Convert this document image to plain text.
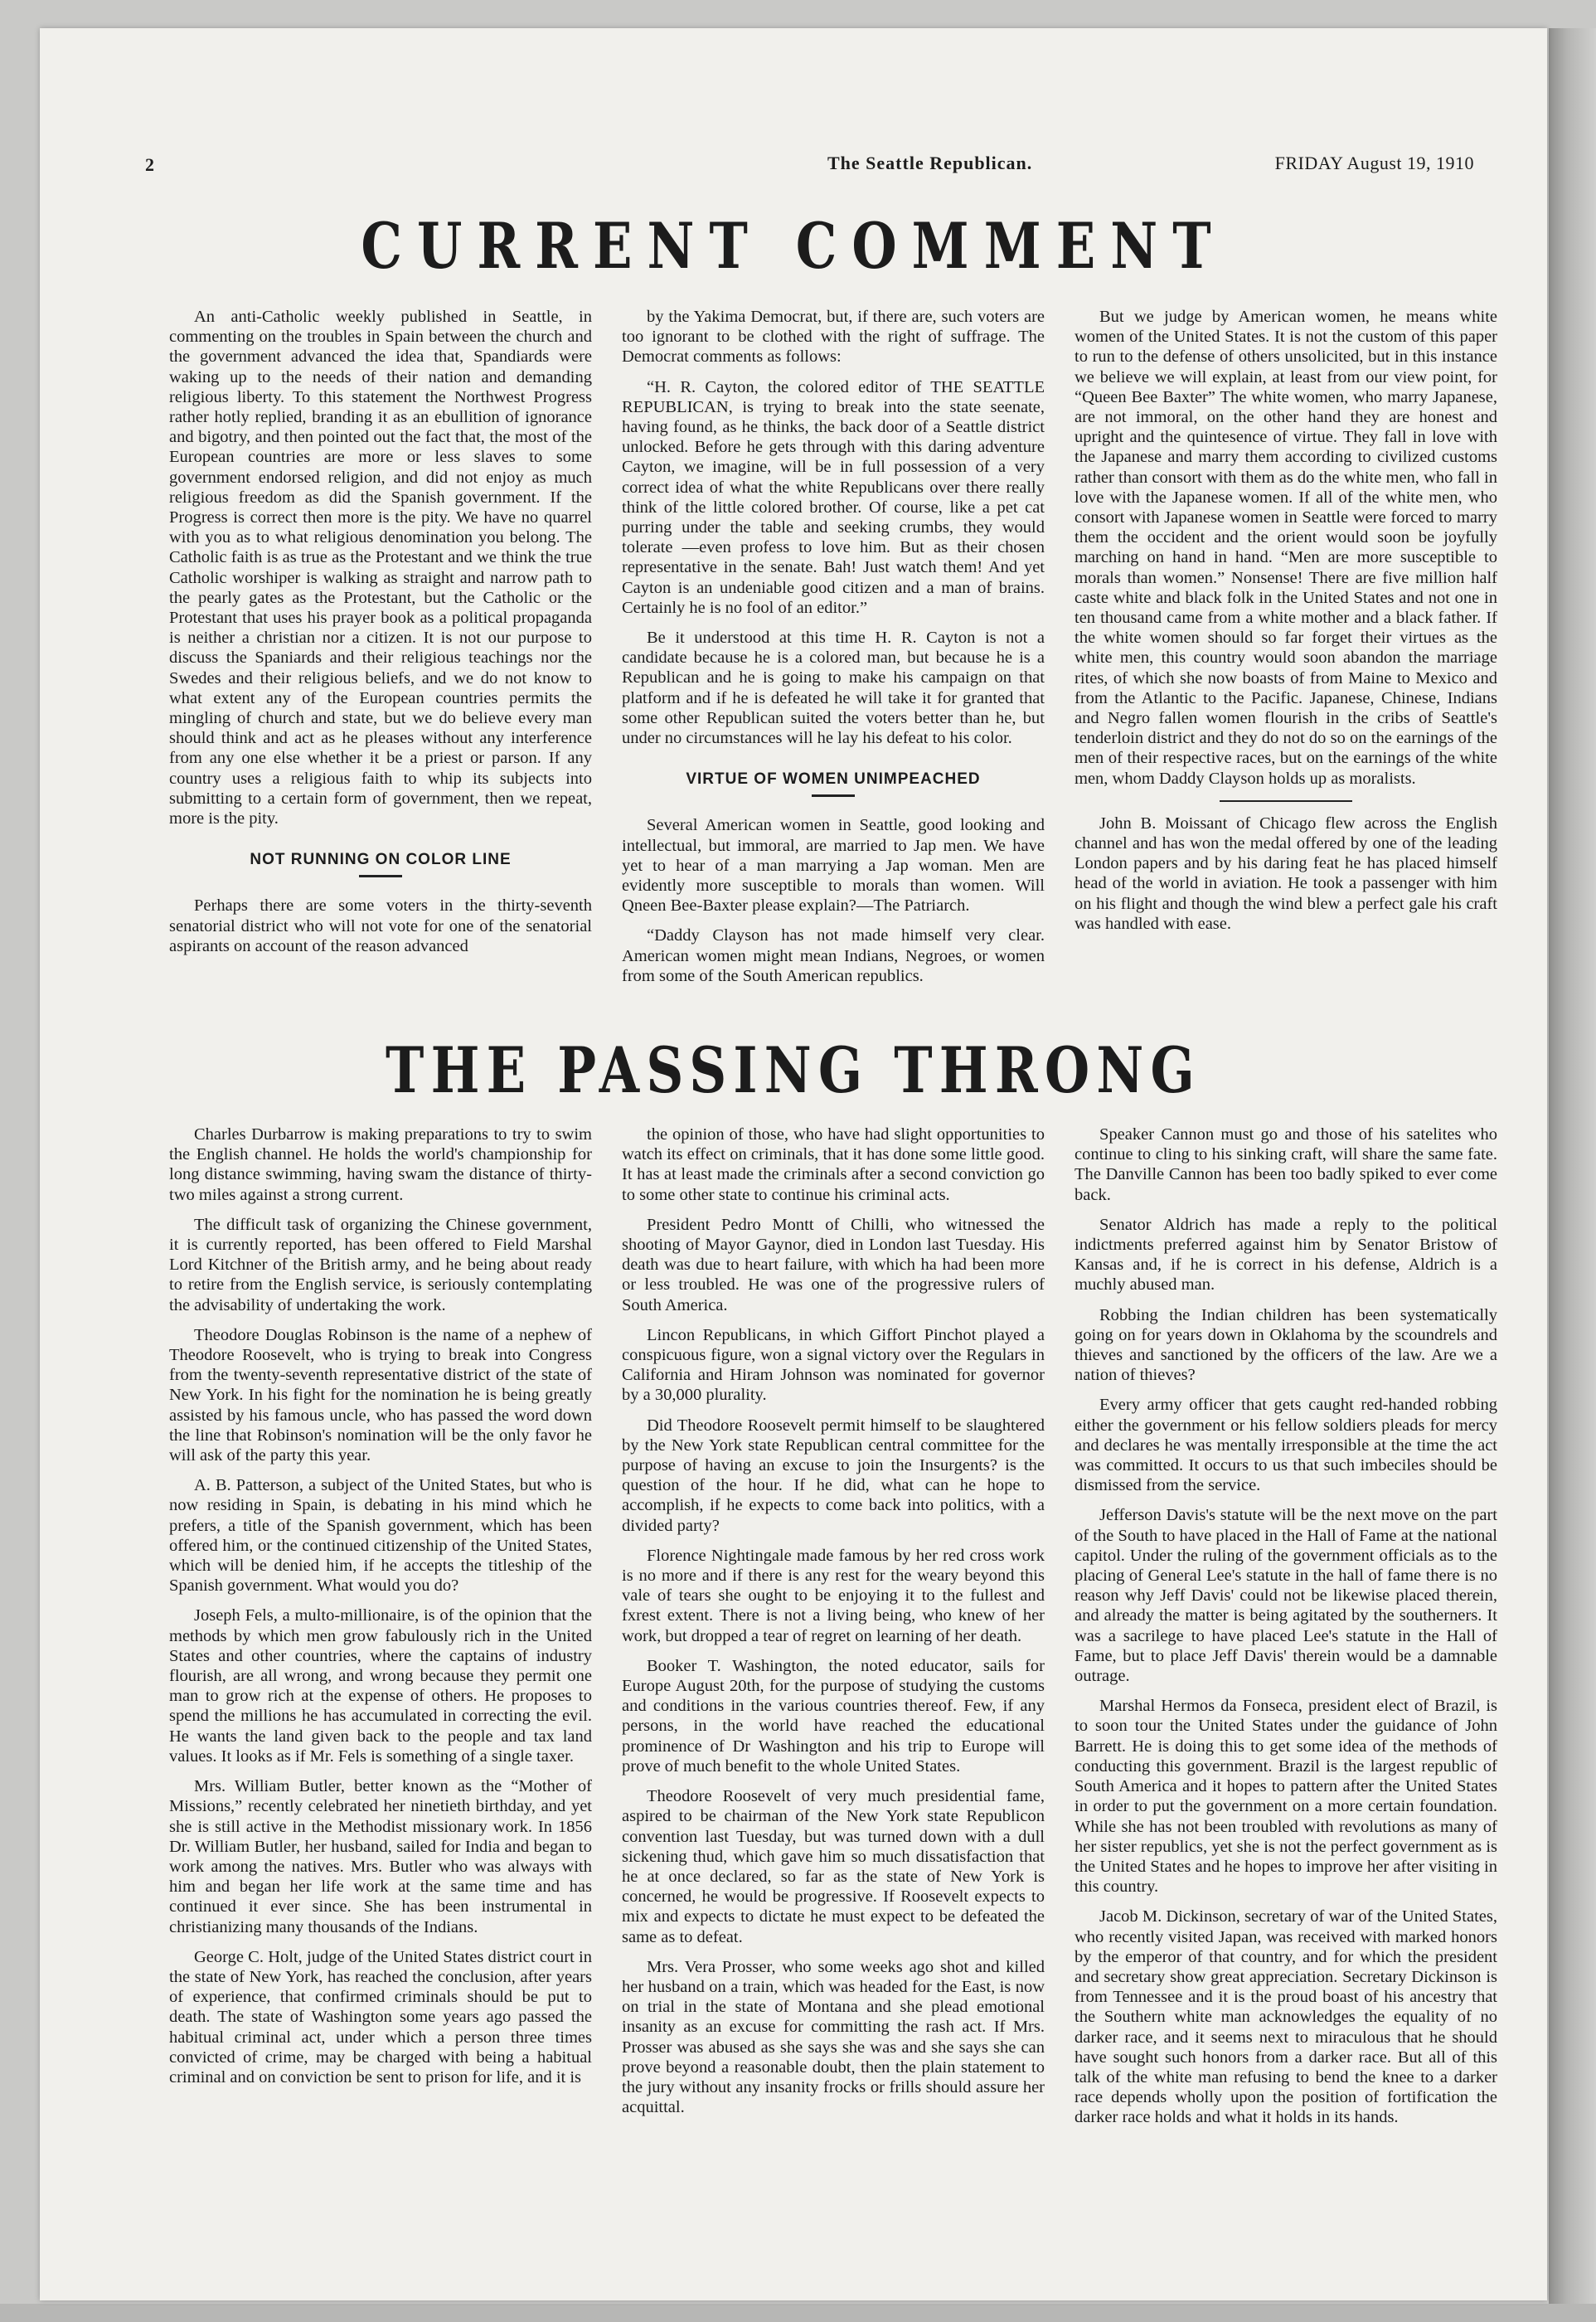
2	The Seattle Republican.	FRIDAY August 19, 1910
CURRENT COMMENT

An anti-Catholic weekly published in Seattle, in commenting on the troubles in Spain between the church and the government advanced the idea that, Spandiards were waking up to the needs of their nation and demanding religious liberty. To this statement the Northwest Progress rather hotly replied, branding it as an ebullition of ignorance and bigotry, and then pointed out the fact that, the most of the European countries are more or less slaves to some government endorsed religion, and did not enjoy as much religious freedom as did the Spanish government. If the Progress is correct then more is the pity. We have no quarrel with you as to what religious denomination you belong. The Catholic faith is as true as the Protestant and we think the true Catholic worshiper is walking as straight and narrow path to the pearly gates as the Protestant, but the Catholic or the Protestant that uses his prayer book as a political propaganda is neither a christian nor a citizen. It is not our purpose to discuss the Spaniards and their religious teachings nor the Swedes and their religious beliefs, and we do not know to what extent any of the European countries permits the mingling of church and state, but we do believe every man should think and act as he pleases without any interference from any one else whether it be a priest or parson. If any country uses a religious faith to whip its subjects into submitting to a certain form of government, then we repeat, more is the pity.

NOT RUNNING ON COLOR LINE

Perhaps there are some voters in the thirty-seventh senatorial district who will not vote for one of the senatorial aspirants on account of the reason advanced

by the Yakima Democrat, but, if there are, such voters are too ignorant to be clothed with the right of suffrage. The Democrat comments as follows:

“H. R. Cayton, the colored editor of THE SEATTLE REPUBLICAN, is trying to break into the state seenate, having found, as he thinks, the back door of a Seattle district unlocked. Before he gets through with this daring adventure Cayton, we imagine, will be in full possession of a very correct idea of what the white Republicans over there really think of the little colored brother. Of course, like a pet cat purring under the table and seeking crumbs, they would tolerate —even profess to love him. But as their chosen representative in the senate. Bah! Just watch them! And yet Cayton is an undeniable good citizen and a man of brains. Certainly he is no fool of an editor.”

Be it understood at this time H. R. Cayton is not a candidate because he is a colored man, but because he is a Republican and he is going to make his campaign on that platform and if he is defeated he will take it for granted that some other Republican suited the voters better than he, but under no circumstances will he lay his defeat to his color.

VIRTUE OF WOMEN UNIMPEACHED

Several American women in Seattle, good looking and intellectual, but immoral, are married to Jap men. We have yet to hear of a man marrying a Jap woman. Men are evidently more susceptible to morals than women. Will Qneen Bee-Baxter please explain?—The Patriarch.

“Daddy Clayson has not made himself very clear. American women might mean Indians, Negroes, or women from some of the South American republics.

But we judge by American women, he means white women of the United States. It is not the custom of this paper to run to the defense of others unsolicited, but in this instance we believe we will explain, at least from our view point, for “Queen Bee Baxter” The white women, who marry Japanese, are not immoral, on the other hand they are honest and upright and the quintesence of virtue. They fall in love with the Japanese and marry them according to civilized customs rather than consort with them as do the white men, who fall in love with the Japanese women. If all of the white men, who consort with Japanese women in Seattle were forced to marry them the occident and the orient would soon be joyfully marching on hand in hand. “Men are more susceptible to morals than women.” Nonsense! There are five million half caste white and black folk in the United States and not one in ten thousand came from a white mother and a black father. If the white women should so far forget their virtues as the white men, this country would soon abandon the marriage rites, of which she now boasts of from Maine to Mexico and from the Atlantic to the Pacific. Japanese, Chinese, Indians and Negro fallen women flourish in the cribs of Seattle's tenderloin district and they do not do so on the earnings of the men of their respective races, but on the earnings of the white men, whom Daddy Clayson holds up as moralists.

John B. Moissant of Chicago flew across the English channel and has won the medal offered by one of the leading London papers and by his daring feat he has placed himself head of the world in aviation. He took a passenger with him on his flight and though the wind blew a perfect gale his craft was handled with ease.

THE PASSING THRONG

Charles Durbarrow is making preparations to try to swim the English channel. He holds the world's championship for long distance swimming, having swam the distance of thirty-two miles against a strong current.

The difficult task of organizing the Chinese government, it is currently reported, has been offered to Field Marshal Lord Kitchner of the British army, and he being about ready to retire from the English service, is seriously contemplating the advisability of undertaking the work.

Theodore Douglas Robinson is the name of a nephew of Theodore Roosevelt, who is trying to break into Congress from the twenty-seventh representative district of the state of New York. In his fight for the nomination he is being greatly assisted by his famous uncle, who has passed the word down the line that Robinson's nomination will be the only favor he will ask of the party this year.

A. B. Patterson, a subject of the United States, but who is now residing in Spain, is debating in his mind which he prefers, a title of the Spanish government, which has been offered him, or the continued citizenship of the United States, which will be denied him, if he accepts the titleship of the Spanish government. What would you do?

Joseph Fels, a multo-millionaire, is of the opinion that the methods by which men grow fabulously rich in the United States and other countries, where the captains of industry flourish, are all wrong, and wrong because they permit one man to grow rich at the expense of others. He proposes to spend the millions he has accumulated in correcting the evil. He wants the land given back to the people and tax land values. It looks as if Mr. Fels is something of a single taxer.

Mrs. William Butler, better known as the “Mother of Missions,” recently celebrated her ninetieth birthday, and yet she is still active in the Methodist missionary work. In 1856 Dr. William Butler, her husband, sailed for India and began to work among the natives. Mrs. Butler who was always with him and began her life work at the same time and has continued it ever since. She has been instrumental in christianizing many thousands of the Indians.

George C. Holt, judge of the United States district court in the state of New York, has reached the conclusion, after years of experience, that confirmed criminals should be put to death. The state of Washington some years ago passed the habitual criminal act, under which a person three times convicted of crime, may be charged with being a habitual criminal and on conviction be sent to prison for life, and it is

the opinion of those, who have had slight opportunities to watch its effect on criminals, that it has done some little good. It has at least made the criminals after a second conviction go to some other state to continue his criminal acts.

President Pedro Montt of Chilli, who witnessed the shooting of Mayor Gaynor, died in London last Tuesday. His death was due to heart failure, with which ha had been more or less troubled. He was one of the progressive rulers of South America.

Lincon Republicans, in which Giffort Pinchot played a conspicuous figure, won a signal victory over the Regulars in California and Hiram Johnson was nominated for governor by a 30,000 plurality.

Did Theodore Roosevelt permit himself to be slaughtered by the New York state Republican central committee for the purpose of having an excuse to join the Insurgents? is the question of the hour. If he did, what can he hope to accomplish, if he expects to come back into politics, with a divided party?

Florence Nightingale made famous by her red cross work is no more and if there is any rest for the weary beyond this vale of tears she ought to be enjoying it to the fullest and fxrest extent. There is not a living being, who knew of her work, but dropped a tear of regret on learning of her death.

Booker T. Washington, the noted educator, sails for Europe August 20th, for the purpose of studying the customs and conditions in the various countries thereof. Few, if any persons, in the world have reached the educational prominence of Dr Washington and his trip to Europe will prove of much benefit to the whole United States.

Theodore Roosevelt of very much presidential fame, aspired to be chairman of the New York state Republicon convention last Tuesday, but was turned down with a dull sickening thud, which gave him so much dissatisfaction that he at once declared, so far as the state of New York is concerned, he would be progressive. If Roosevelt expects to mix and expects to dictate he must expect to be defeated the same as to defeat.

Mrs. Vera Prosser, who some weeks ago shot and killed her husband on a train, which was headed for the East, is now on trial in the state of Montana and she plead emotional insanity as an excuse for committing the rash act. If Mrs. Prosser was abused as she says she was and she says she can prove beyond a reasonable doubt, then the plain statement to the jury without any insanity frocks or frills should assure her acquittal.

Speaker Cannon must go and those of his satelites who continue to cling to his sinking craft, will share the same fate. The Danville Cannon has been too badly spiked to ever come back.

Senator Aldrich has made a reply to the political indictments preferred against him by Senator Bristow of Kansas and, if he is correct in his defense, Aldrich is a muchly abused man.

Robbing the Indian children has been systematically going on for years down in Oklahoma by the scoundrels and thieves and sanctioned by the officers of the law. Are we a nation of thieves?

Every army officer that gets caught red-handed robbing either the government or his fellow soldiers pleads for mercy and declares he was mentally irresponsible at the time the act was committed. It occurs to us that such imbeciles should be dismissed from the service.

Jefferson Davis's statute will be the next move on the part of the South to have placed in the Hall of Fame at the national capitol. Under the ruling of the government officials as to the placing of General Lee's statute in the hall of fame there is no reason why Jeff Davis' could not be likewise placed therein, and already the matter is being agitated by the southerners. It was a sacrilege to have placed Lee's statute in the Hall of Fame, but to place Jeff Davis' therein would be a damnable outrage.

Marshal Hermos da Fonseca, president elect of Brazil, is to soon tour the United States under the guidance of John Barrett. He is doing this to get some idea of the methods of conducting this government. Brazil is the largest republic of South America and it hopes to pattern after the United States in order to put the government on a more certain foundation. While she has not been troubled with revolutions as many of her sister republics, yet she is not the perfect government as is the United States and he hopes to improve her after visiting in this country.

Jacob M. Dickinson, secretary of war of the United States, who recently visited Japan, was received with marked honors by the emperor of that country, and for which the president and secretary show great appreciation. Secretary Dickinson is from Tennessee and it is the proud boast of his ancestry that the Southern white man acknowledges the equality of no darker race, and it seems next to miraculous that he should have sought such honors from a darker race. But all of this talk of the white man refusing to bend the knee to a darker race depends wholly upon the position of fortification the darker race holds and what it holds in its hands.
